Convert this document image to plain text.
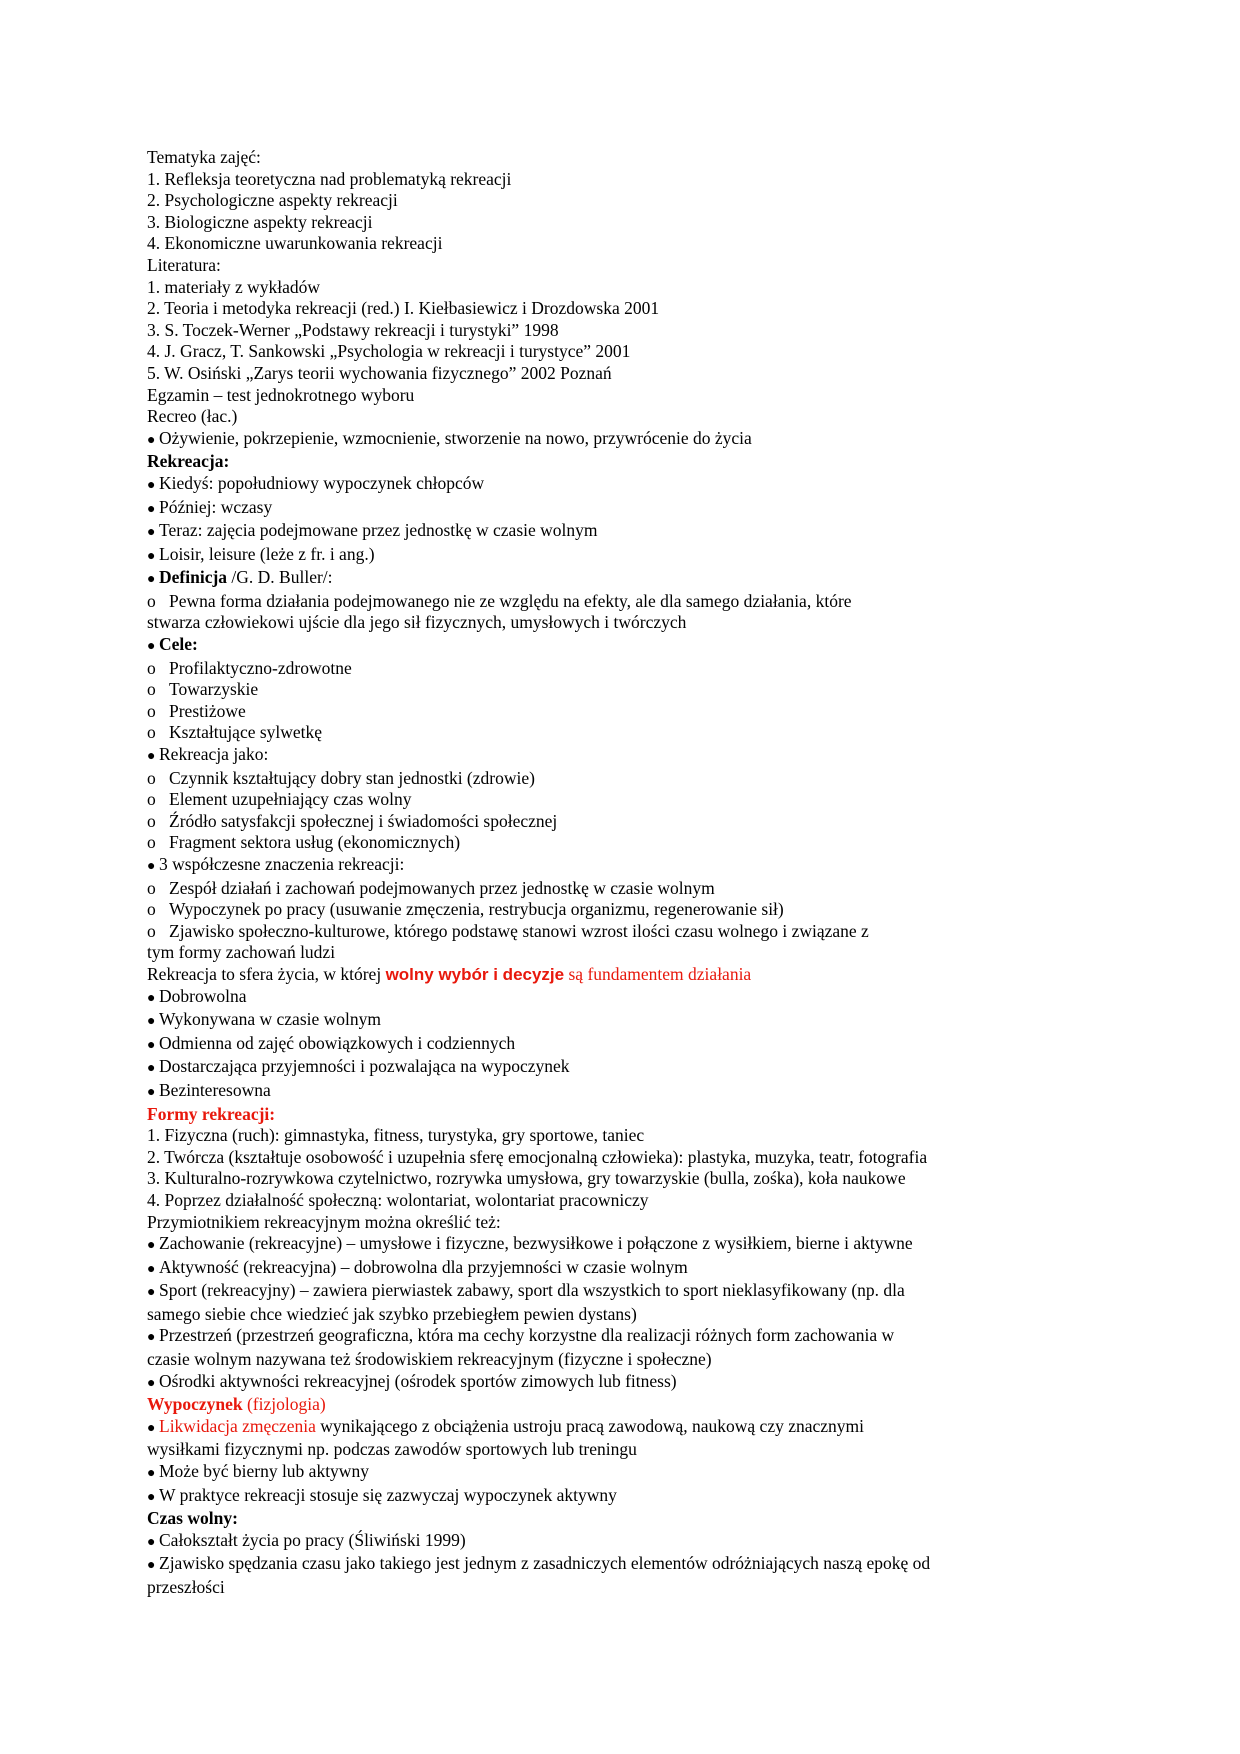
Tematyka zajęć:
1. Refleksja teoretyczna nad problematyką rekreacji
2. Psychologiczne aspekty rekreacji
3. Biologiczne aspekty rekreacji
4. Ekonomiczne uwarunkowania rekreacji
Literatura:
1. materiały z wykładów
2. Teoria i metodyka rekreacji (red.) I. Kiełbasiewicz i Drozdowska 2001
3. S. Toczek-Werner „Podstawy rekreacji i turystyki” 1998
4. J. Gracz, T. Sankowski „Psychologia w rekreacji i turystyce” 2001
5. W. Osiński „Zarys teorii wychowania fizycznego” 2002 Poznań
Egzamin – test jednokrotnego wyboru
Recreo (łac.)
● Ożywienie, pokrzepienie, wzmocnienie, stworzenie na nowo, przywrócenie do życia
Rekreacja:
● Kiedyś: popołudniowy wypoczynek chłopców
● Później: wczasy
● Teraz: zajęcia podejmowane przez jednostkę w czasie wolnym
● Loisir, leisure (leże z fr. i ang.)
● Definicja /G. D. Buller/:
o Pewna forma działania podejmowanego nie ze względu na efekty, ale dla samego działania, które
stwarza człowiekowi ujście dla jego sił fizycznych, umysłowych i twórczych
● Cele:
o Profilaktyczno-zdrowotne
o Towarzyskie
o Prestiżowe
o Kształtujące sylwetkę
● Rekreacja jako:
o Czynnik kształtujący dobry stan jednostki (zdrowie)
o Element uzupełniający czas wolny
o Źródło satysfakcji społecznej i świadomości społecznej
o Fragment sektora usług (ekonomicznych)
● 3 współczesne znaczenia rekreacji:
o Zespół działań i zachowań podejmowanych przez jednostkę w czasie wolnym
o Wypoczynek po pracy (usuwanie zmęczenia, restrybucja organizmu, regenerowanie sił)
o Zjawisko społeczno-kulturowe, którego podstawę stanowi wzrost ilości czasu wolnego i związane z
tym formy zachowań ludzi
Rekreacja to sfera życia, w której wolny wybór i decyzje są fundamentem działania
● Dobrowolna
● Wykonywana w czasie wolnym
● Odmienna od zajęć obowiązkowych i codziennych
● Dostarczająca przyjemności i pozwalająca na wypoczynek
● Bezinteresowna
Formy rekreacji:
1. Fizyczna (ruch): gimnastyka, fitness, turystyka, gry sportowe, taniec
2. Twórcza (kształtuje osobowość i uzupełnia sferę emocjonalną człowieka): plastyka, muzyka, teatr, fotografia
3. Kulturalno-rozrywkowa czytelnictwo, rozrywka umysłowa, gry towarzyskie (bulla, zośka), koła naukowe
4. Poprzez działalność społeczną: wolontariat, wolontariat pracowniczy
Przymiotnikiem rekreacyjnym można określić też:
● Zachowanie (rekreacyjne) – umysłowe i fizyczne, bezwysiłkowe i połączone z wysiłkiem, bierne i aktywne
● Aktywność (rekreacyjna) – dobrowolna dla przyjemności w czasie wolnym
● Sport (rekreacyjny) – zawiera pierwiastek zabawy, sport dla wszystkich to sport nieklasyfikowany (np. dla
samego siebie chce wiedzieć jak szybko przebiegłem pewien dystans)
● Przestrzeń (przestrzeń geograficzna, która ma cechy korzystne dla realizacji różnych form zachowania w
czasie wolnym nazywana też środowiskiem rekreacyjnym (fizyczne i społeczne)
● Ośrodki aktywności rekreacyjnej (ośrodek sportów zimowych lub fitness)
Wypoczynek (fizjologia)
● Likwidacja zmęczenia wynikającego z obciążenia ustroju pracą zawodową, naukową czy znacznymi
wysiłkami fizycznymi np. podczas zawodów sportowych lub treningu
● Może być bierny lub aktywny
● W praktyce rekreacji stosuje się zazwyczaj wypoczynek aktywny
Czas wolny:
● Całokształt życia po pracy (Śliwiński 1999)
● Zjawisko spędzania czasu jako takiego jest jednym z zasadniczych elementów odróżniających naszą epokę od
przeszłości
